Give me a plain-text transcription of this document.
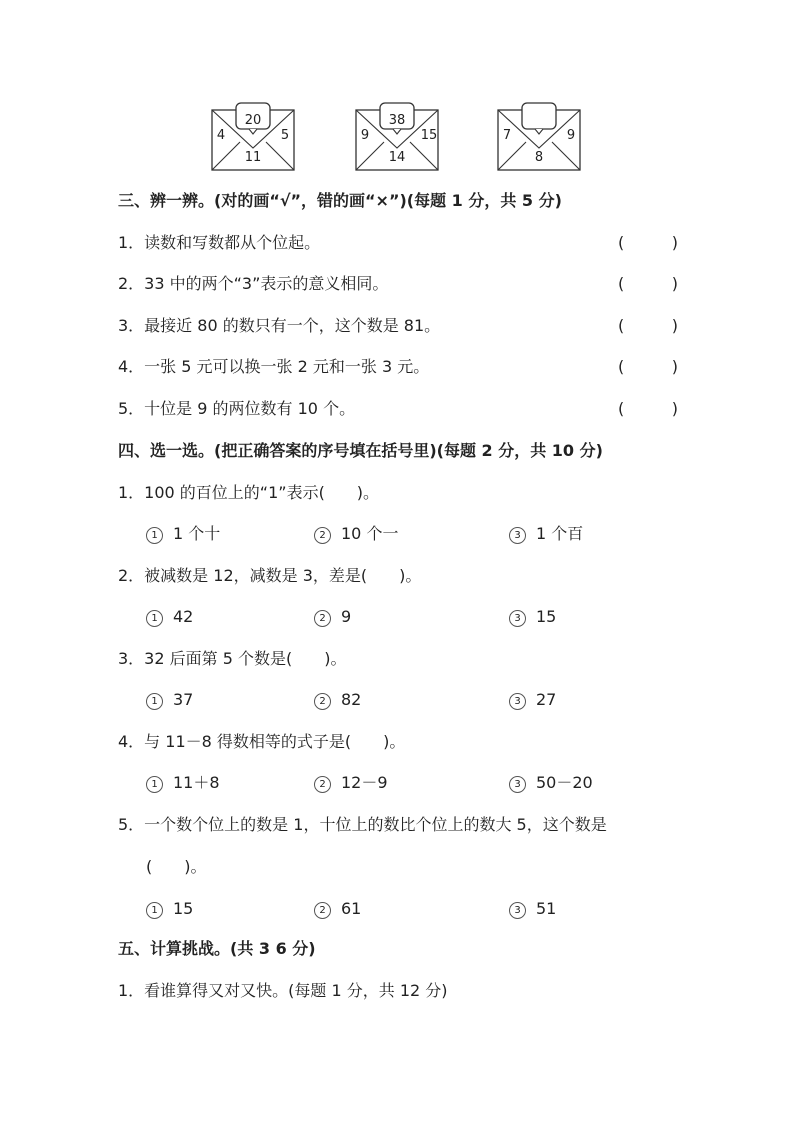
20
4	5
11
38
9	15
14
7	9
8
三、辨一辨。(对的画“√”，错的画“×”)(每题 1 分，共 5 分)
1．读数和写数都从个位起。	(	)
2．33 中的两个“3”表示的意义相同。	(	)
3．最接近 80 的数只有一个，这个数是 81。	(	)
4．一张 5 元可以换一张 2 元和一张 3 元。	(	)
5．十位是 9 的两位数有 10 个。	(	)
四、选一选。(把正确答案的序号填在括号里)(每题 2 分，共 10 分)
1．100 的百位上的“1”表示(　　)。
1 1 个十	2 10 个一	3 1 个百
2．被减数是 12，减数是 3，差是(　　)。
1 42	2 9	3 15
3．32 后面第 5 个数是(　　)。
1 37	2 82	3 27
4．与 11－8 得数相等的式子是(　　)。
1 11＋8	2 12－9	3 50－20
5．一个数个位上的数是 1，十位上的数比个位上的数大 5，这个数是
(　　)。
1 15	2 61	3 51
五、计算挑战。(共 3 6 分)
1．看谁算得又对又快。(每题 1 分，共 12 分)
